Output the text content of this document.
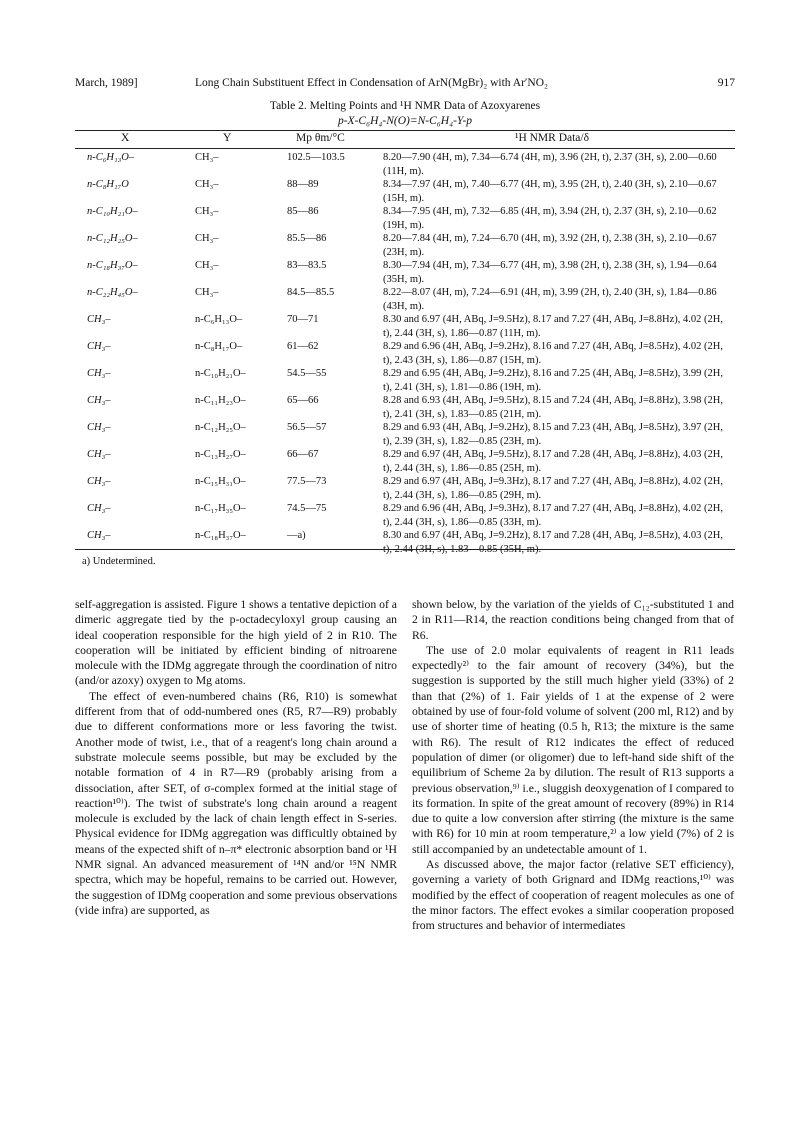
March, 1989]	Long Chain Substituent Effect in Condensation of ArN(MgBr)₂ with Ar′NO₂	917
Table 2. Melting Points and ¹H NMR Data of Azoxyarenes
p-X-C₆H₄-N(O)=N-C₆H₄-Y-p
X	Y	Mp θm/°C	¹H NMR Data/δ
n-C₆H₁₃O–	CH₃–	102.5—103.5	8.20—7.90 (4H, m), 7.34—6.74 (4H, m), 3.96 (2H, t), 2.37 (3H, s), 2.00—0.60 (11H, m).
n-C₈H₁₇O	CH₃–	88—89	8.34—7.97 (4H, m), 7.40—6.77 (4H, m), 3.95 (2H, t), 2.40 (3H, s), 2.10—0.67 (15H, m).
n-C₁₀H₂₁O–	CH₃–	85—86	8.34—7.95 (4H, m), 7.32—6.85 (4H, m), 3.94 (2H, t), 2.37 (3H, s), 2.10—0.62 (19H, m).
n-C₁₂H₂₅O–	CH₃–	85.5—86	8.20—7.84 (4H, m), 7.24—6.70 (4H, m), 3.92 (2H, t), 2.38 (3H, s), 2.10—0.67 (23H, m).
n-C₁₈H₃₇O–	CH₃–	83—83.5	8.30—7.94 (4H, m), 7.34—6.77 (4H, m), 3.98 (2H, t), 2.38 (3H, s), 1.94—0.64 (35H, m).
n-C₂₂H₄₅O–	CH₃–	84.5—85.5	8.22—8.07 (4H, m), 7.24—6.91 (4H, m), 3.99 (2H, t), 2.40 (3H, s), 1.84—0.86 (43H, m).
CH₃–	n-C₆H₁₃O–	70—71	8.30 and 6.97 (4H, ABq, J=9.5Hz), 8.17 and 7.27 (4H, ABq, J=8.8Hz), 4.02 (2H, t), 2.44 (3H, s), 1.86—0.87 (11H, m).
CH₃–	n-C₈H₁₇O–	61—62	8.29 and 6.96 (4H, ABq, J=9.2Hz), 8.16 and 7.27 (4H, ABq, J=8.5Hz), 4.02 (2H, t), 2.43 (3H, s), 1.86—0.87 (15H, m).
CH₃–	n-C₁₀H₂₁O–	54.5—55	8.29 and 6.95 (4H, ABq, J=9.2Hz), 8.16 and 7.25 (4H, ABq, J=8.5Hz), 3.99 (2H, t), 2.41 (3H, s), 1.81—0.86 (19H, m).
CH₃–	n-C₁₁H₂₃O–	65—66	8.28 and 6.93 (4H, ABq, J=9.5Hz), 8.15 and 7.24 (4H, ABq, J=8.8Hz), 3.98 (2H, t), 2.41 (3H, s), 1.83—0.85 (21H, m).
CH₃–	n-C₁₂H₂₅O–	56.5—57	8.29 and 6.93 (4H, ABq, J=9.2Hz), 8.15 and 7.23 (4H, ABq, J=8.5Hz), 3.97 (2H, t), 2.39 (3H, s), 1.82—0.85 (23H, m).
CH₃–	n-C₁₃H₂₇O–	66—67	8.29 and 6.97 (4H, ABq, J=9.5Hz), 8.17 and 7.28 (4H, ABq, J=8.8Hz), 4.03 (2H, t), 2.44 (3H, s), 1.86—0.85 (25H, m).
CH₃–	n-C₁₅H₃₁O–	77.5—73	8.29 and 6.97 (4H, ABq, J=9.3Hz), 8.17 and 7.27 (4H, ABq, J=8.8Hz), 4.02 (2H, t), 2.44 (3H, s), 1.86—0.85 (29H, m).
CH₃–	n-C₁₇H₃₅O–	74.5—75	8.29 and 6.96 (4H, ABq, J=9.3Hz), 8.17 and 7.27 (4H, ABq, J=8.8Hz), 4.02 (2H, t), 2.44 (3H, s), 1.86—0.85 (33H, m).
CH₃–	n-C₁₈H₃₇O–	—a)	8.30 and 6.97 (4H, ABq, J=9.2Hz), 8.17 and 7.28 (4H, ABq, J=8.5Hz), 4.03 (2H, t), 2.44 (3H, s), 1.83—0.85 (35H, m).
a) Undetermined.

self-aggregation is assisted. Figure 1 shows a tentative depiction of a dimeric aggregate tied by the p-octadecyloxyl group causing an ideal cooperation responsible for the high yield of 2 in R10. The cooperation will be initiated by efficient binding of nitroarene molecule with the IDMg aggregate through the coordination of nitro (and/or azoxy) oxygen to Mg atoms.

The effect of even-numbered chains (R6, R10) is somewhat different from that of odd-numbered ones (R5, R7—R9) probably due to different conformations more or less favoring the twist. Another mode of twist, i.e., that of a reagent's long chain around a substrate molecule seems possible, but may be excluded by the notable formation of 4 in R7—R9 (probably arising from a dissociation, after SET, of σ-complex formed at the initial stage of reaction¹⁰⁾). The twist of substrate's long chain around a reagent molecule is excluded by the lack of chain length effect in S-series. Physical evidence for IDMg aggregation was difficultly obtained by means of the expected shift of n–π* electronic absorption band or ¹H NMR signal. An advanced measurement of ¹⁴N and/or ¹⁵N NMR spectra, which may be hopeful, remains to be carried out. However, the suggestion of IDMg cooperation and some previous observations (vide infra) are supported, as

shown below, by the variation of the yields of C₁₂-substituted 1 and 2 in R11—R14, the reaction conditions being changed from that of R6.

The use of 2.0 molar equivalents of reagent in R11 leads expectedly²⁾ to the fair amount of recovery (34%), but the suggestion is supported by the still much higher yield (33%) of 2 than that (2%) of 1. Fair yields of 1 at the expense of 2 were obtained by use of four-fold volume of solvent (200 ml, R12) and by use of shorter time of heating (0.5 h, R13; the mixture is the same with R6). The result of R12 indicates the effect of reduced population of dimer (or oligomer) due to left-hand side shift of the equilibrium of Scheme 2a by dilution. The result of R13 supports a previous observation,⁹⁾ i.e., sluggish deoxygenation of I compared to its formation. In spite of the great amount of recovery (89%) in R14 due to quite a low conversion after stirring (the mixture is the same with R6) for 10 min at room temperature,²⁾ a low yield (7%) of 2 is still accompanied by an undetectable amount of 1.

As discussed above, the major factor (relative SET efficiency), governing a variety of both Grignard and IDMg reactions,¹⁰⁾ was modified by the effect of cooperation of reagent molecules as one of the minor factors. The effect evokes a similar cooperation proposed from structures and behavior of intermediates
